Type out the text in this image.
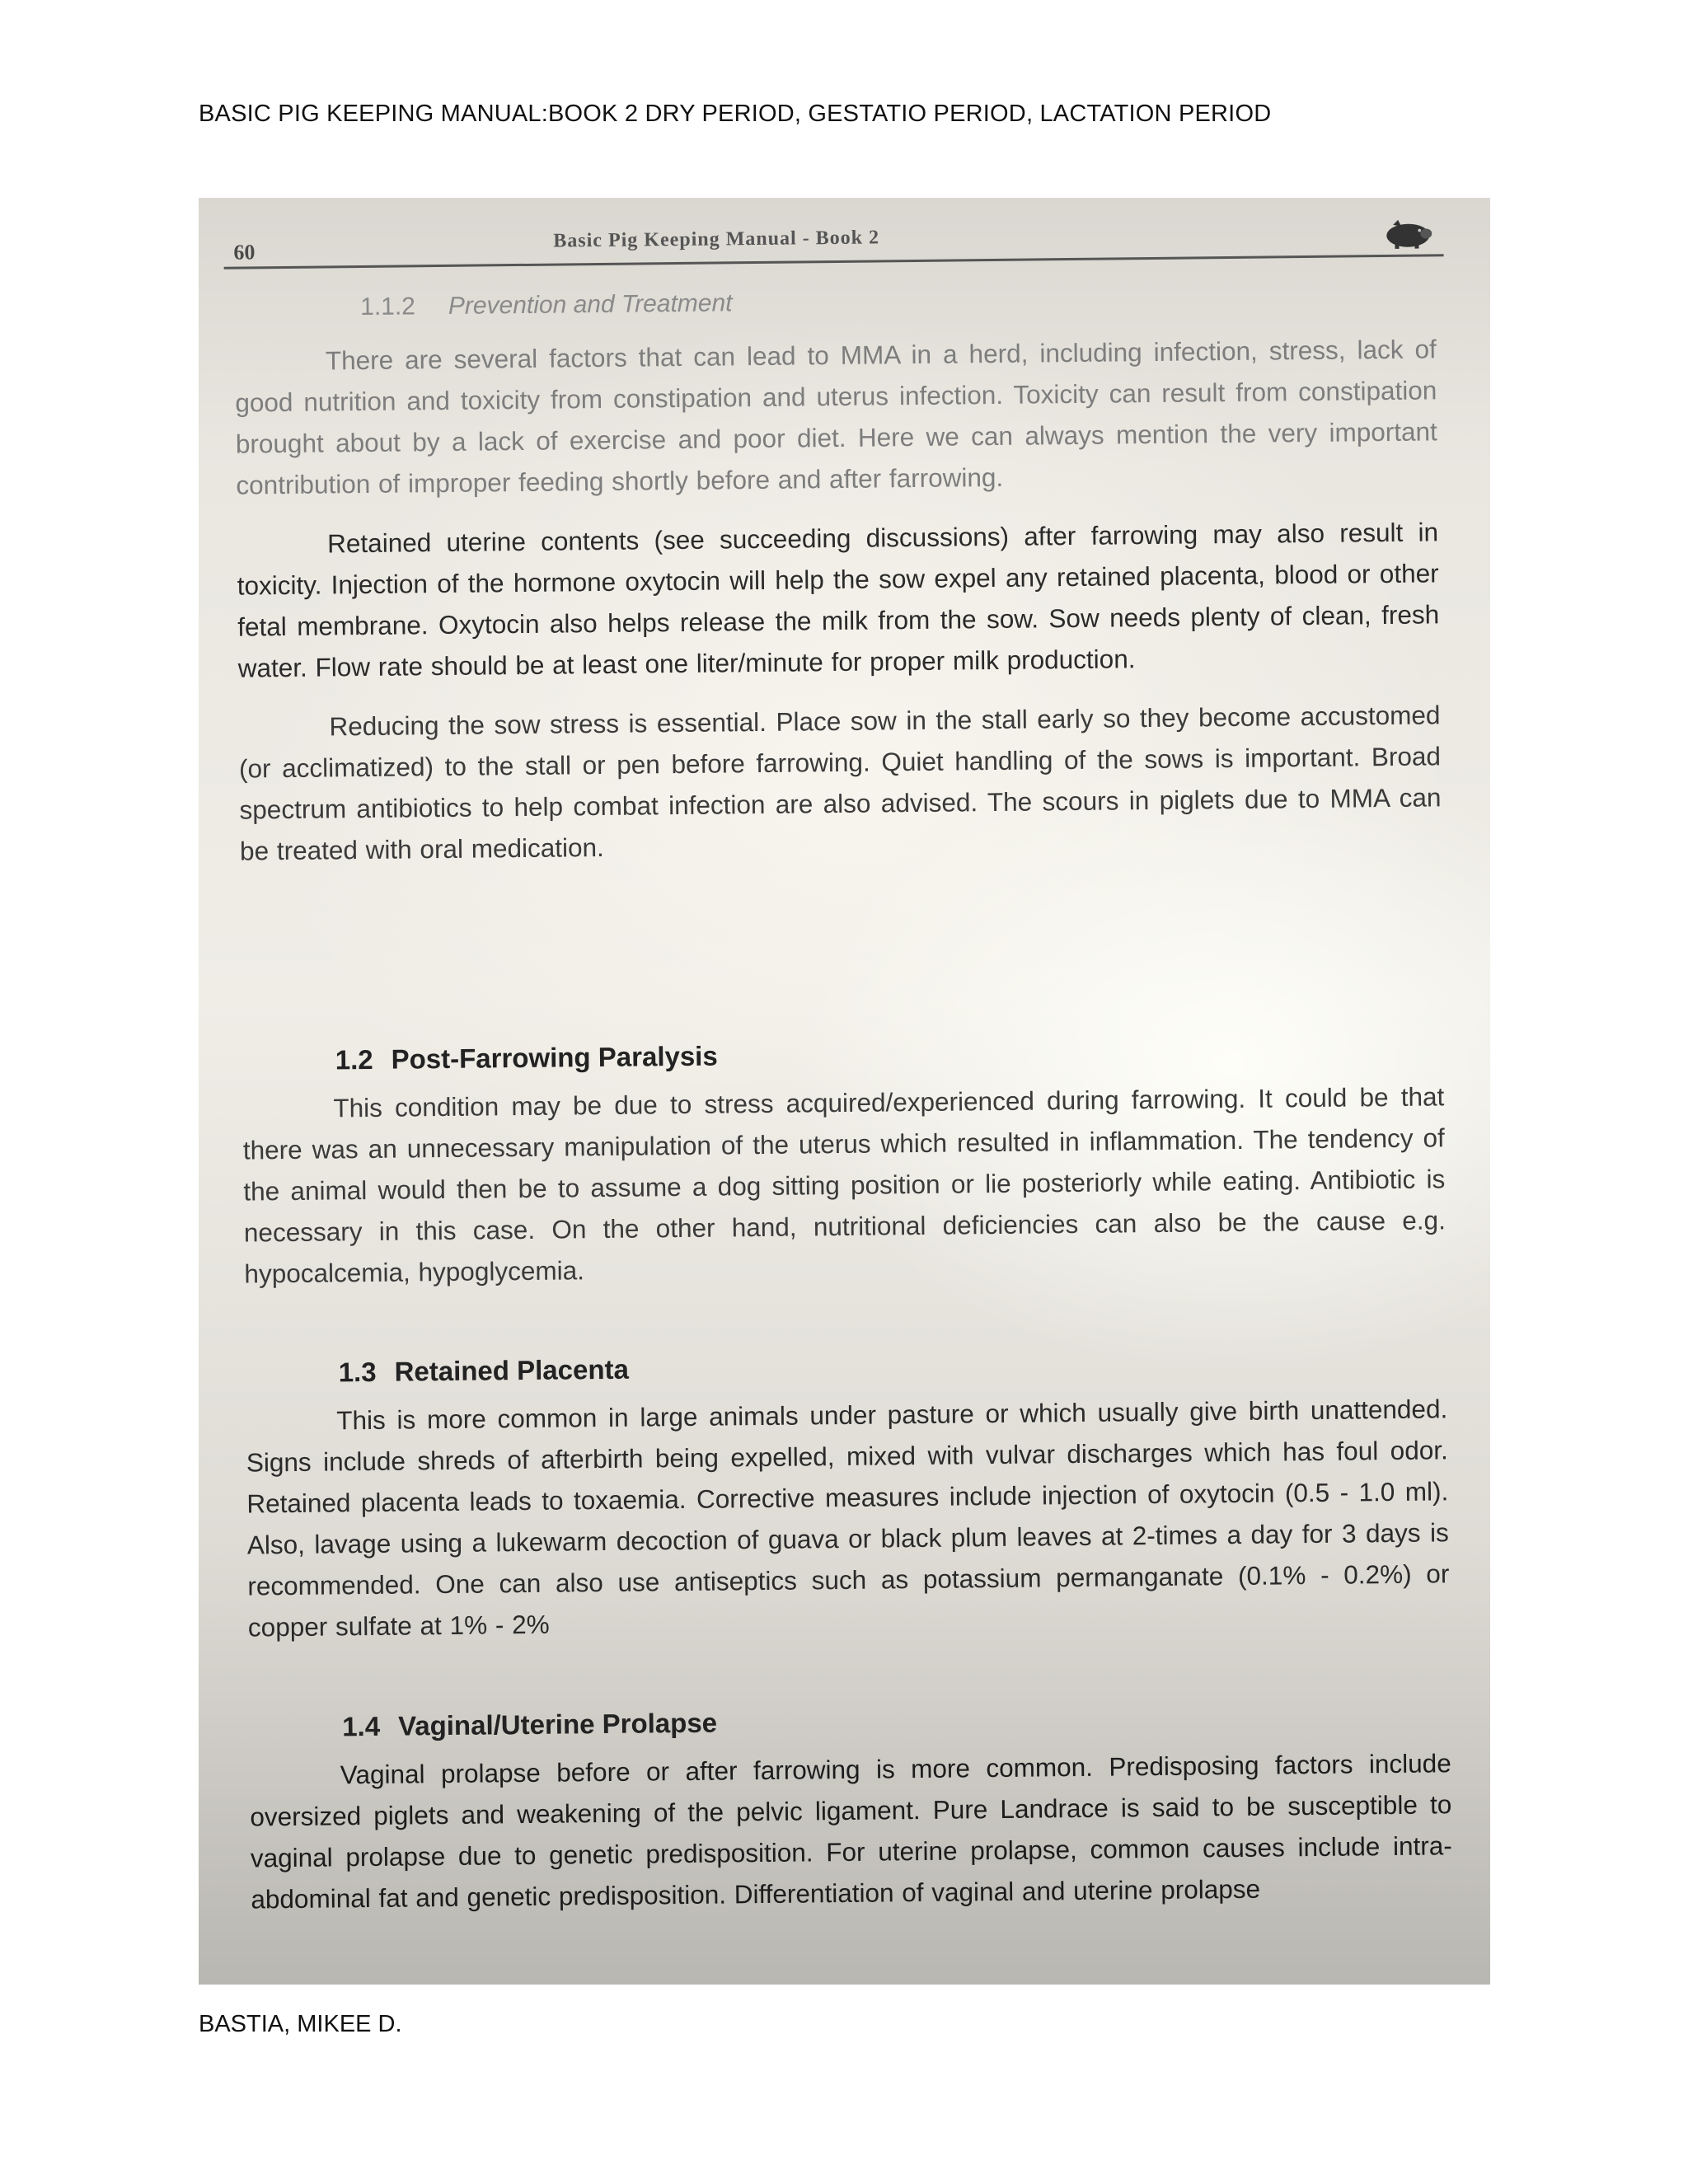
BASIC PIG KEEPING MANUAL:BOOK 2 DRY PERIOD, GESTATIO PERIOD, LACTATION PERIOD
60
Basic Pig Keeping Manual - Book 2
1.1.2 Prevention and Treatment

There are several factors that can lead to MMA in a herd, including infection, stress, lack of good nutrition and toxicity from constipation and uterus infection. Toxicity can result from constipation brought about by a lack of exercise and poor diet. Here we can always mention the very important contribution of improper feeding shortly before and after farrowing.

Retained uterine contents (see succeeding discussions) after farrowing may also result in toxicity. Injection of the hormone oxytocin will help the sow expel any retained placenta, blood or other fetal membrane. Oxytocin also helps release the milk from the sow. Sow needs plenty of clean, fresh water. Flow rate should be at least one liter/minute for proper milk production.

Reducing the sow stress is essential. Place sow in the stall early so they become accustomed (or acclimatized) to the stall or pen before farrowing. Quiet handling of the sows is important. Broad spectrum antibiotics to help combat infection are also advised. The scours in piglets due to MMA can be treated with oral medication.

1.2 Post-Farrowing Paralysis

This condition may be due to stress acquired/experienced during farrowing. It could be that there was an unnecessary manipulation of the uterus which resulted in inflammation. The tendency of the animal would then be to assume a dog sitting position or lie posteriorly while eating. Antibiotic is necessary in this case. On the other hand, nutritional deficiencies can also be the cause e.g. hypocalcemia, hypoglycemia.

1.3 Retained Placenta

This is more common in large animals under pasture or which usually give birth unattended. Signs include shreds of afterbirth being expelled, mixed with vulvar discharges which has foul odor. Retained placenta leads to toxaemia. Corrective measures include injection of oxytocin (0.5 - 1.0 ml). Also, lavage using a lukewarm decoction of guava or black plum leaves at 2-times a day for 3 days is recommended. One can also use antiseptics such as potassium permanganate (0.1% - 0.2%) or copper sulfate at 1% - 2%

1.4 Vaginal/Uterine Prolapse

Vaginal prolapse before or after farrowing is more common. Predisposing factors include oversized piglets and weakening of the pelvic ligament. Pure Landrace is said to be susceptible to vaginal prolapse due to genetic predisposition. For uterine prolapse, common causes include intra-abdominal fat and genetic predisposition. Differentiation of vaginal and uterine prolapse

BASTIA, MIKEE D.
